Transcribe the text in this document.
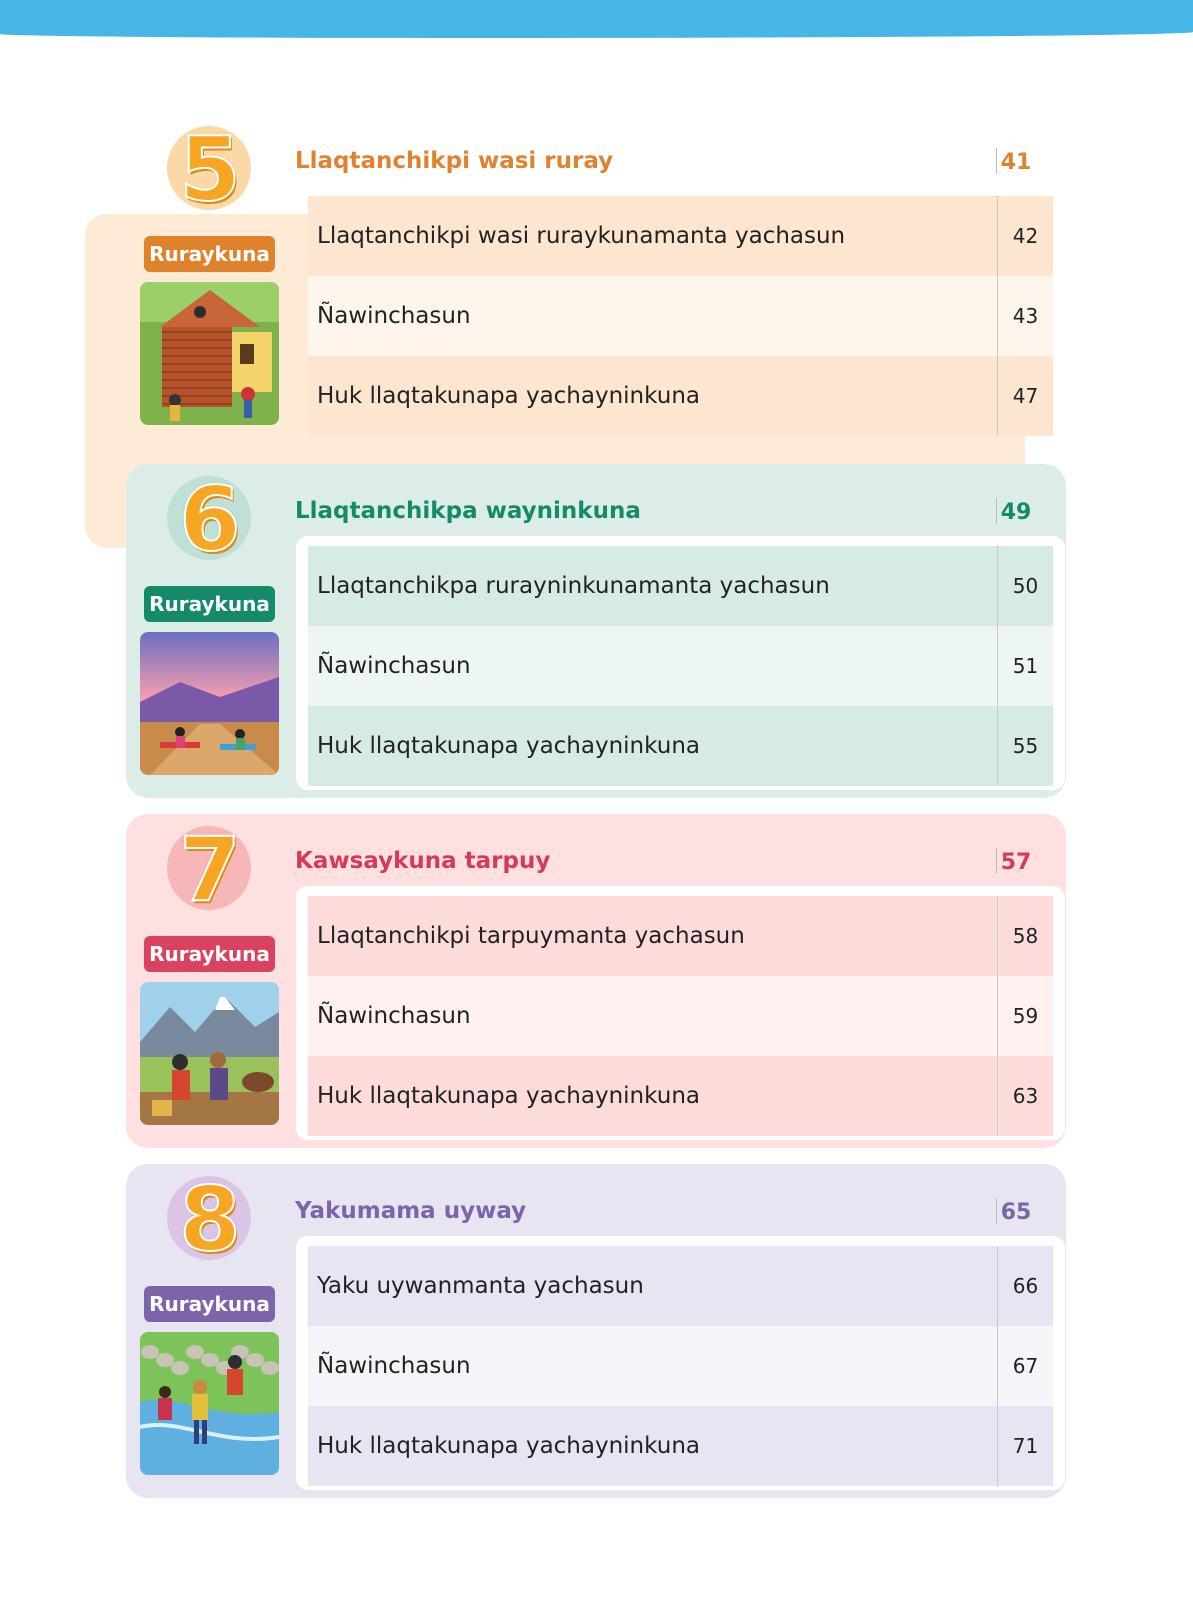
5
Ruraykuna
Llaqtanchikpi wasi ruray	41
Llaqtanchikpi wasi ruraykunamanta yachasun	42
Ñawinchasun	43
Huk llaqtakunapa yachayninkuna	47
6
Ruraykuna
Llaqtanchikpa wayninkuna	49
Llaqtanchikpa rurayninkunamanta yachasun	50
Ñawinchasun	51
Huk llaqtakunapa yachayninkuna	55
7
Ruraykuna
Kawsaykuna tarpuy	57
Llaqtanchikpi tarpuymanta yachasun	58
Ñawinchasun	59
Huk llaqtakunapa yachayninkuna	63
8
Ruraykuna
Yakumama uyway	65
Yaku uywanmanta yachasun	66
Ñawinchasun	67
Huk llaqtakunapa yachayninkuna	71
